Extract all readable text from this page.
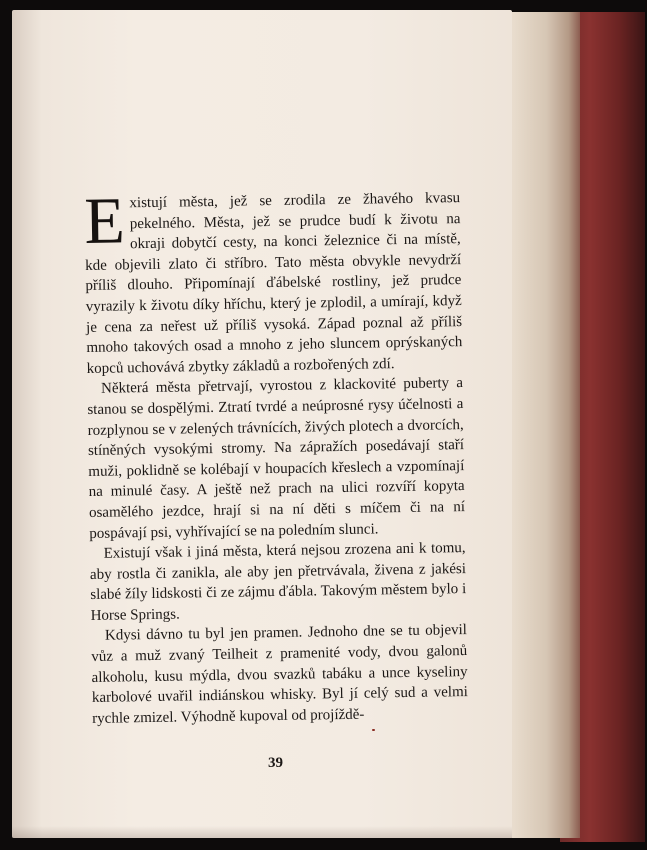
Existují města, jež se zrodila ze žhavého kvasu pekelného. Města, jež se prudce budí k životu na okraji dobytčí cesty, na konci železnice či na místě, kde objevili zlato či stříbro. Tato města obvykle nevydrží příliš dlouho. Připomínají ďábelské rostliny, jež prudce vyrazily k životu díky hříchu, který je zplodil, a umírají, když je cena za neřest už příliš vysoká. Západ poznal až příliš mnoho takových osad a mnoho z jeho sluncem oprýskaných kopců uchovává zbytky základů a rozbořených zdí.

Některá města přetrvají, vyrostou z klackovité puberty a stanou se dospělými. Ztratí tvrdé a neúprosné rysy účelnosti a rozplynou se v zelených trávnících, živých plotech a dvorcích, stíněných vysokými stromy. Na zápražích posedávají staří muži, poklidně se kolébají v houpacích křeslech a vzpomínají na minulé časy. A ještě než prach na ulici rozvíří kopyta osamělého jezdce, hrají si na ní děti s míčem či na ní pospávají psi, vyhřívající se na poledním slunci.

Existují však i jiná města, která nejsou zrozena ani k tomu, aby rostla či zanikla, ale aby jen přetrvávala, živena z jakési slabé žíly lidskosti či ze zájmu ďábla. Takovým městem bylo i Horse Springs.

Kdysi dávno tu byl jen pramen. Jednoho dne se tu objevil vůz a muž zvaný Teilheit z pramenité vody, dvou galonů alkoholu, kusu mýdla, dvou svazků tabáku a unce kyseliny karbolové uvařil indiánskou whisky. Byl jí celý sud a velmi rychle zmizel. Výhodně kupoval od projíždě-

39
